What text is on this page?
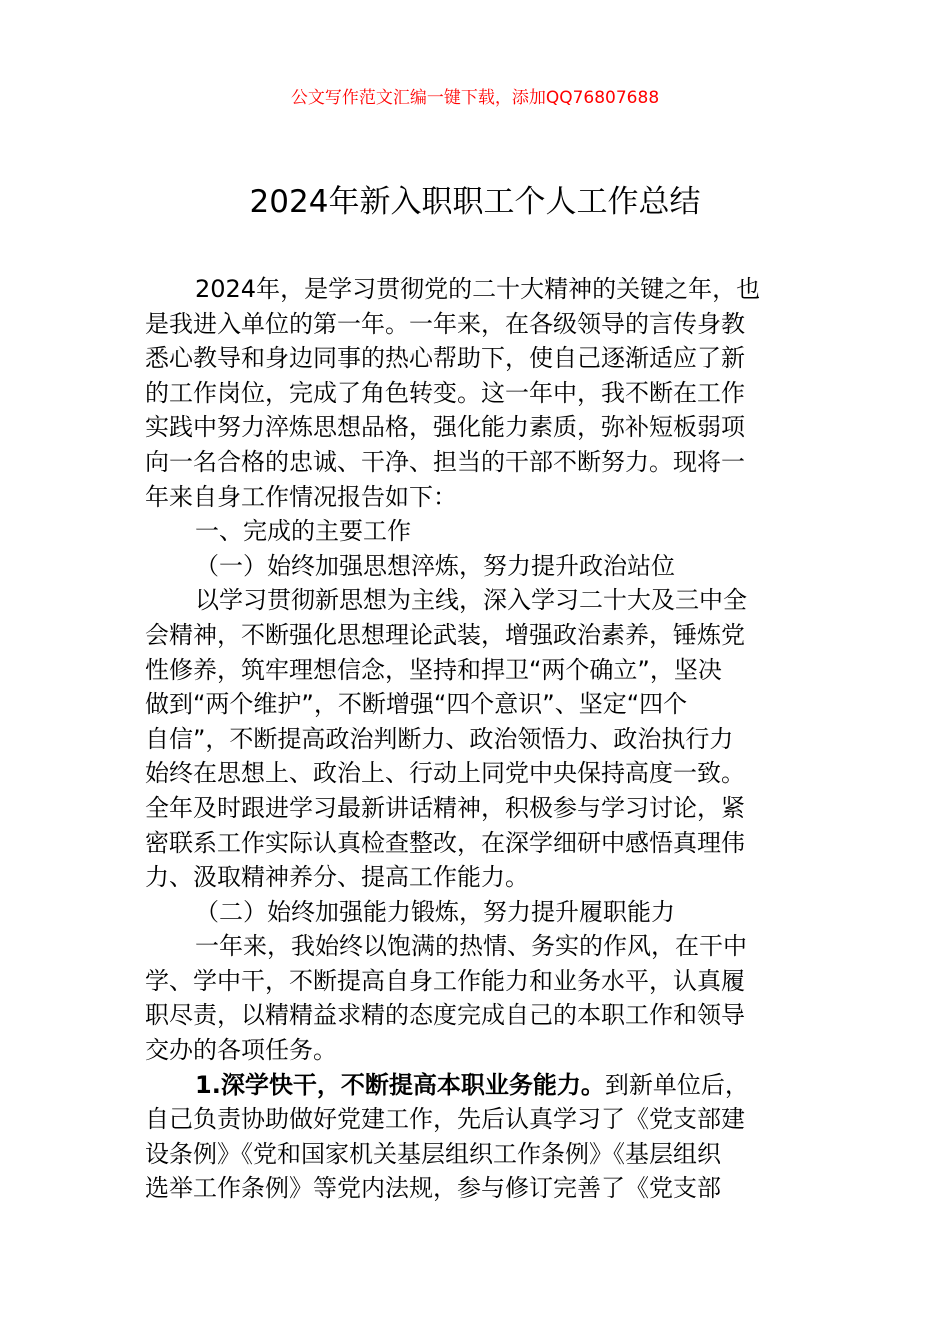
公文写作范文汇编一键下载，添加QQ76807688
2024年新入职职工个人工作总结
2024年，是学习贯彻党的二十大精神的关键之年，也
是我进入单位的第一年。一年来，在各级领导的言传身教
悉心教导和身边同事的热心帮助下，使自己逐渐适应了新
的工作岗位，完成了角色转变。这一年中，我不断在工作
实践中努力淬炼思想品格，强化能力素质，弥补短板弱项
向一名合格的忠诚、干净、担当的干部不断努力。现将一
年来自身工作情况报告如下：
一、完成的主要工作
（一）始终加强思想淬炼，努力提升政治站位
以学习贯彻新思想为主线，深入学习二十大及三中全
会精神，不断强化思想理论武装，增强政治素养，锤炼党
性修养，筑牢理想信念，坚持和捍卫“两个确立”，坚决
做到“两个维护”，不断增强“四个意识”、坚定“四个
自信”，不断提高政治判断力、政治领悟力、政治执行力
始终在思想上、政治上、行动上同党中央保持高度一致。
全年及时跟进学习最新讲话精神，积极参与学习讨论，紧
密联系工作实际认真检查整改，在深学细研中感悟真理伟
力、汲取精神养分、提高工作能力。
（二）始终加强能力锻炼，努力提升履职能力
一年来，我始终以饱满的热情、务实的作风，在干中
学、学中干，不断提高自身工作能力和业务水平，认真履
职尽责，以精精益求精的态度完成自己的本职工作和领导
交办的各项任务。
1.深学快干，不断提高本职业务能力。到新单位后，
自己负责协助做好党建工作，先后认真学习了《党支部建
设条例》《党和国家机关基层组织工作条例》《基层组织
选举工作条例》等党内法规，参与修订完善了《党支部
